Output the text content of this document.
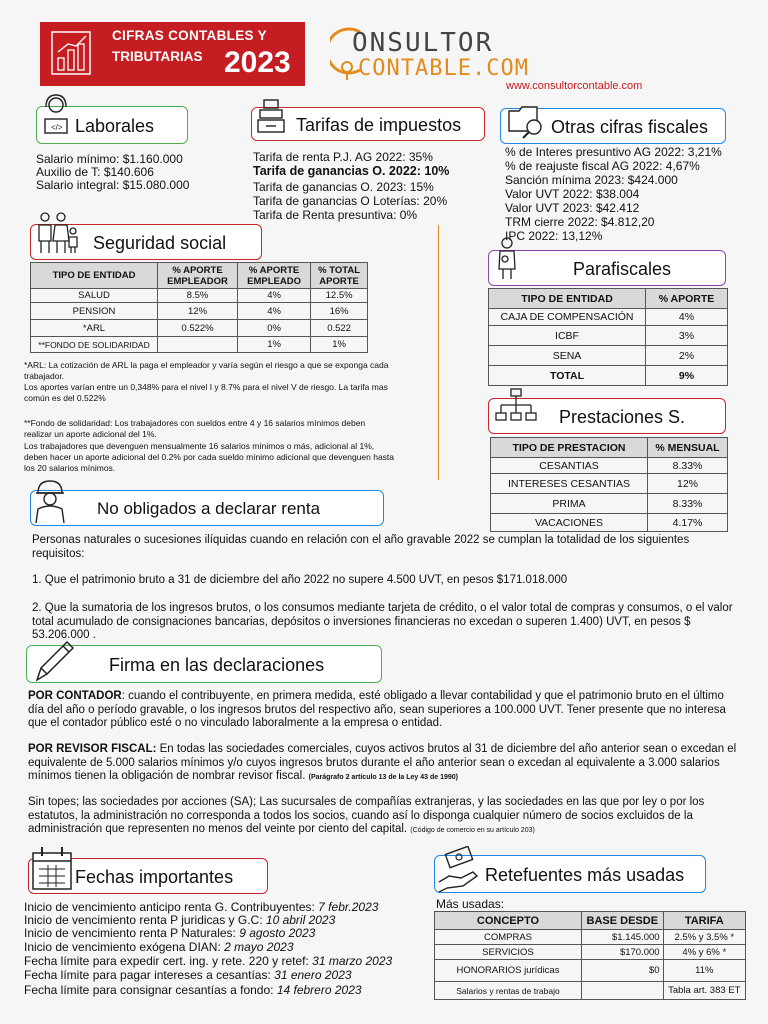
CIFRAS CONTABLES Y
TRIBUTARIAS 2023
ONSULTOR
CONTABLE.COM
www.consultorcontable.com
</> Laborales
Salario mínimo: $1.160.000
Auxilio de T: $140.606
Salario integral: $15.080.000
Tarifas de impuestos
Tarifa de renta P.J. AG 2022: 35%
Tarifa de ganancias O. 2022: 10%
Tarifa de ganancias O. 2023: 15%
Tarifa de ganancias O Loterías: 20%
Tarifa de Renta presuntiva: 0%
Otras cifras fiscales
% de Interes presuntivo AG 2022: 3,21%
% de reajuste fiscal AG 2022: 4,67%
Sanción mínima 2023: $424.000
Valor UVT 2022: $38.004
Valor UVT 2023: $42.412
TRM cierre 2022: $4.812,20
IPC 2022: 13,12%
Seguridad social
TIPO DE ENTIDAD	% APORTE EMPLEADOR	% APORTE EMPLEADO	% TOTAL APORTE
SALUD	8.5%	4%	12.5%
PENSION	12%	4%	16%
*ARL	0.522%	0%	0.522
**FONDO DE SOLIDARIDAD		1%	1%
*ARL: La cotización de ARL la paga el empleador y varía según el riesgo a que se exponga cada trabajador.
Los aportes varían entre un 0,348% para el nivel I y 8.7% para el nivel V de riesgo. La tarifa mas común es del 0.522%
**Fondo de solidaridad: Los trabajadores con sueldos entre 4 y 16 salarios mínimos deben realizar un aporte adicional del 1%.
Los trabajadores que devenguen mensualmente 16 salarios mínimos o más, adicional al 1%, deben hacer un aporte adicional del 0.2% por cada sueldo mínimo adicional que devenguen hasta los 20 salarios mínimos.
Parafiscales
TIPO DE ENTIDAD	% APORTE
CAJA DE COMPENSACIÓN	4%
ICBF	3%
SENA	2%
TOTAL	9%
Prestaciones S.
TIPO DE PRESTACION	% MENSUAL
CESANTIAS	8.33%
INTERESES CESANTIAS	12%
PRIMA	8.33%
VACACIONES	4.17%
No obligados a declarar renta
Personas naturales o sucesiones ilíquidas cuando en relación con el año gravable 2022 se cumplan la totalidad de los siguientes requisitos:
1. Que el patrimonio bruto a 31 de diciembre del año 2022 no supere 4.500 UVT, en pesos $171.018.000
2. Que la sumatoria de los ingresos brutos, o los consumos mediante tarjeta de crédito, o el valor total de compras y consumos, o el valor total acumulado de consignaciones bancarias, depósitos o inversiones financieras no excedan o superen 1.400) UVT, en pesos $ 53.206.000 .
Firma en las declaraciones
POR CONTADOR: cuando el contribuyente, en primera medida, esté obligado a llevar contabilidad y que el patrimonio bruto en el último día del año o período gravable, o los ingresos brutos del respectivo año, sean superiores a 100.000 UVT. Tener presente que no interesa que el contador público esté o no vinculado laboralmente a la empresa o entidad.
POR REVISOR FISCAL: En todas las sociedades comerciales, cuyos activos brutos al 31 de diciembre del año anterior sean o excedan el equivalente de 5.000 salarios mínimos y/o cuyos ingresos brutos durante el año anterior sean o excedan al equivalente a 3.000 salarios mínimos tienen la obligación de nombrar revisor fiscal. (Parágrafo 2 artículo 13 de la Ley 43 de 1990)
Sin topes; las sociedades por acciones (SA); Las sucursales de compañías extranjeras, y las sociedades en las que por ley o por los estatutos, la administración no corresponda a todos los socios, cuando así lo disponga cualquier número de socios excluidos de la administración que representen no menos del veinte por ciento del capital. (Código de comercio en su artículo 203)
Fechas importantes
Inicio de vencimiento anticipo renta G. Contribuyentes: 7 febr.2023
Inicio de vencimiento renta P juridicas y G.C: 10 abril 2023
Inicio de vencimiento renta P Naturales: 9 agosto 2023
Inicio de vencimiento exógena DIAN: 2 mayo 2023
Fecha límite para expedir cert. ing. y rete. 220 y retef: 31 marzo 2023
Fecha límite para pagar intereses a cesantías: 31 enero 2023
Fecha límite para consignar cesantías a fondo: 14 febrero 2023
Retefuentes más usadas
Más usadas:
CONCEPTO	BASE DESDE	TARIFA
COMPRAS	$1.145.000	2.5% y 3.5% *
SERVICIOS	$170.000	4% y 6% *
HONORARIOS jurídicas	$0	11%
Salarios y rentas de trabajo		Tabla art. 383 ET
